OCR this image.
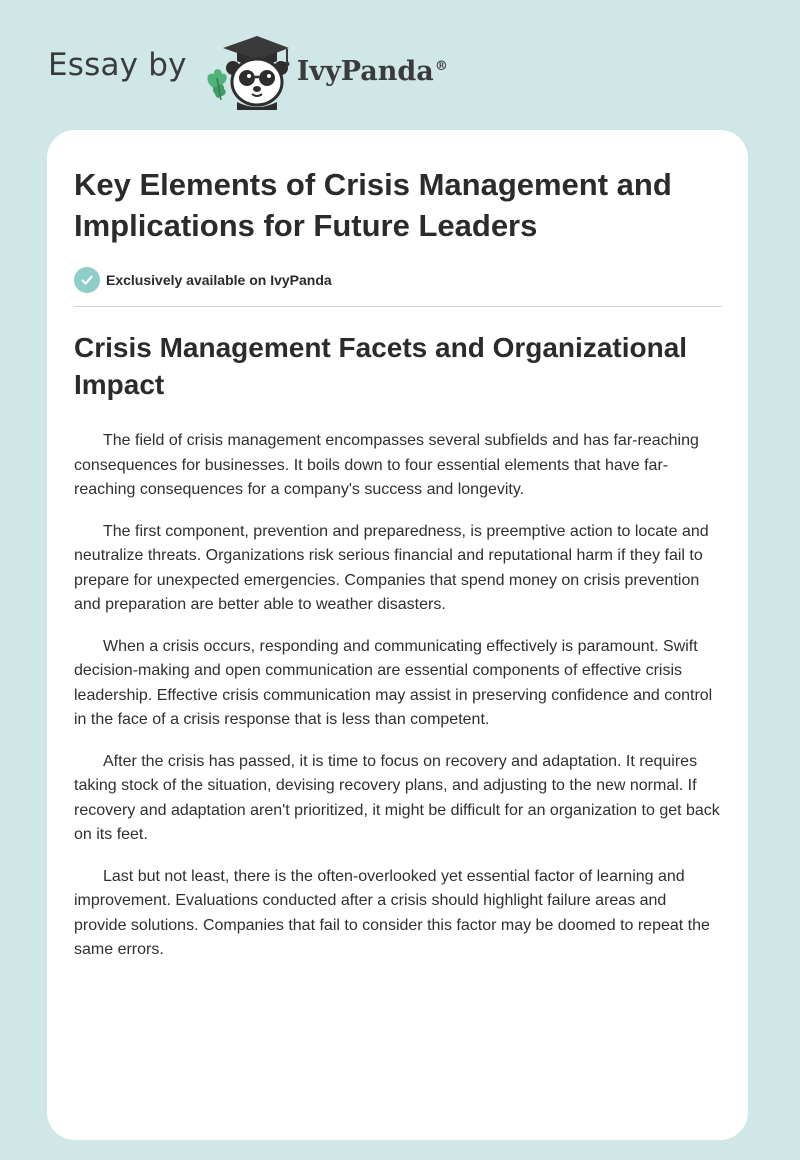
Essay by	IvyPanda®
Key Elements of Crisis Management and Implications for Future Leaders
Exclusively available on IvyPanda
Crisis Management Facets and Organizational Impact

The field of crisis management encompasses several subfields and has far-reaching consequences for businesses. It boils down to four essential elements that have far-reaching consequences for a company's success and longevity.

The first component, prevention and preparedness, is preemptive action to locate and neutralize threats. Organizations risk serious financial and reputational harm if they fail to prepare for unexpected emergencies. Companies that spend money on crisis prevention and preparation are better able to weather disasters.

When a crisis occurs, responding and communicating effectively is paramount. Swift decision-making and open communication are essential components of effective crisis leadership. Effective crisis communication may assist in preserving confidence and control in the face of a crisis response that is less than competent.

After the crisis has passed, it is time to focus on recovery and adaptation. It requires taking stock of the situation, devising recovery plans, and adjusting to the new normal. If recovery and adaptation aren't prioritized, it might be difficult for an organization to get back on its feet.

Last but not least, there is the often-overlooked yet essential factor of learning and improvement. Evaluations conducted after a crisis should highlight failure areas and provide solutions. Companies that fail to consider this factor may be doomed to repeat the same errors.
